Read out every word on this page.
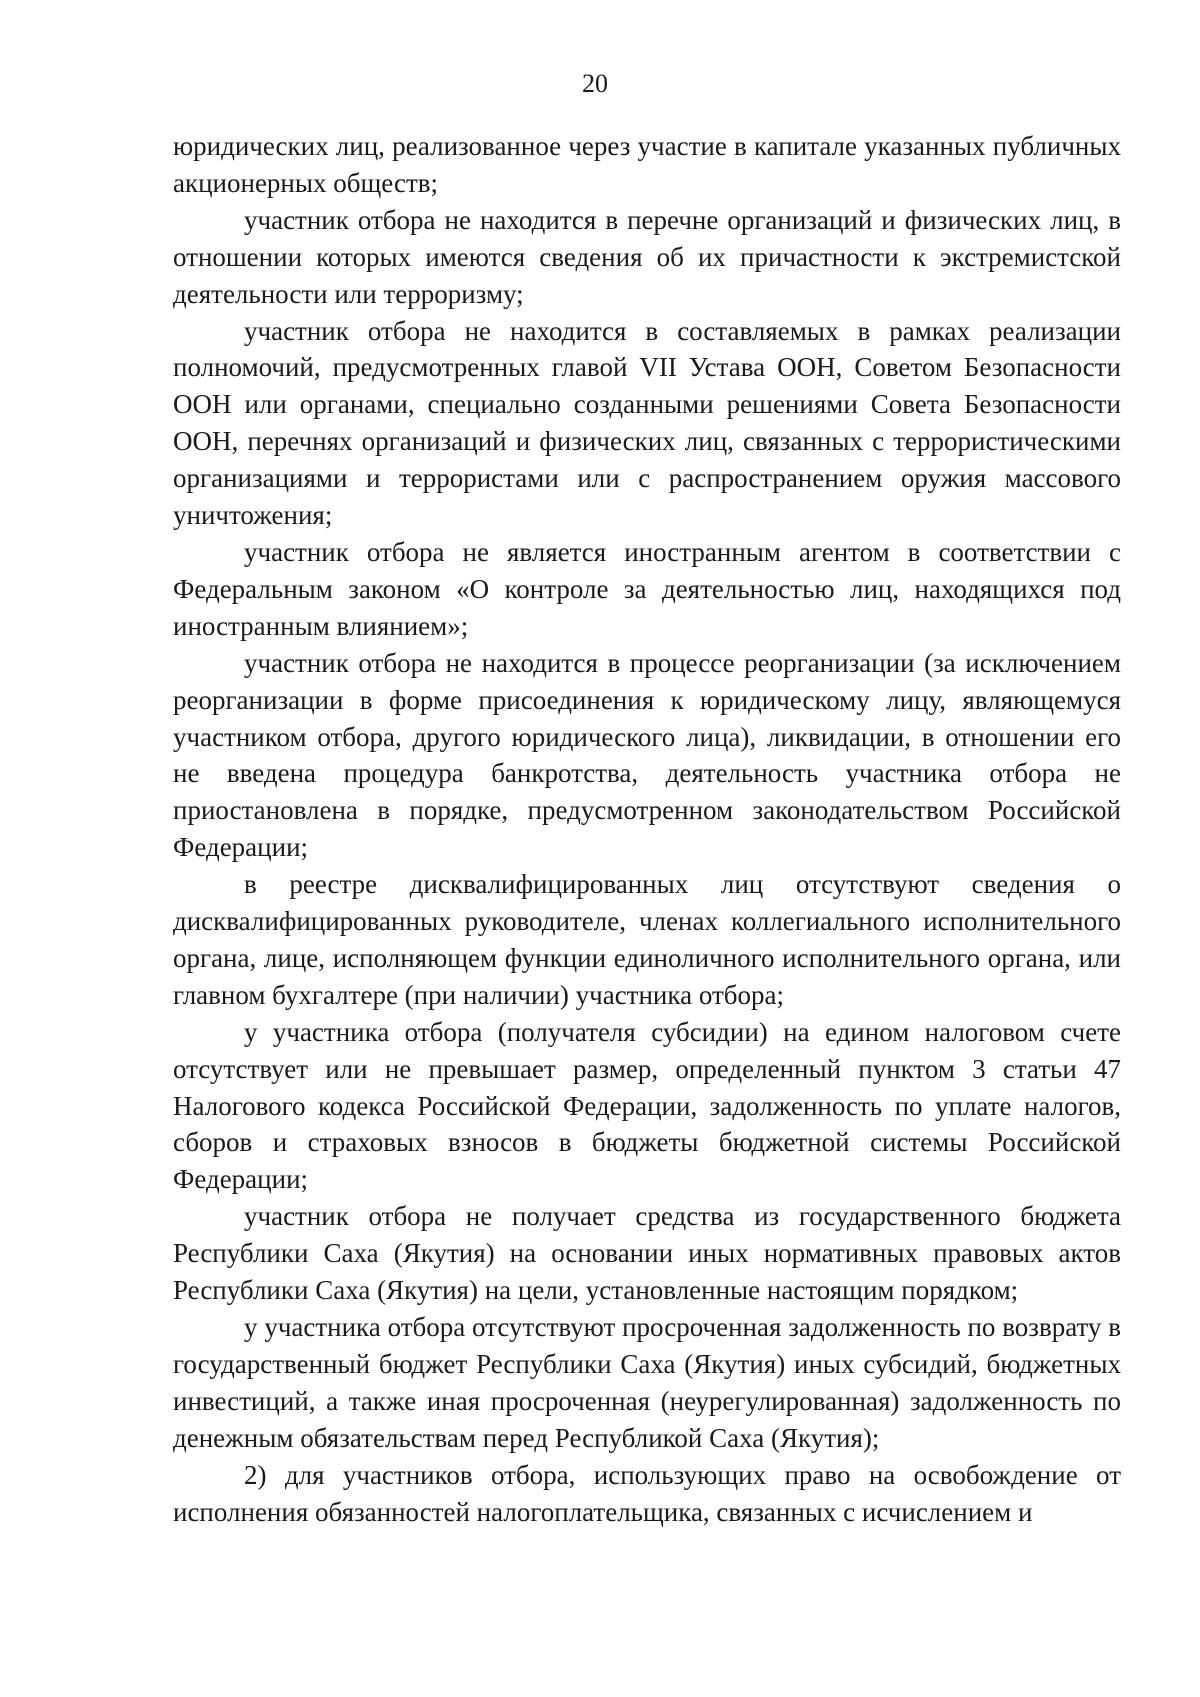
20

юридических лиц, реализованное через участие в капитале указанных публичных акционерных обществ;

участник отбора не находится в перечне организаций и физических лиц, в отношении которых имеются сведения об их причастности к экстремистской деятельности или терроризму;

участник отбора не находится в составляемых в рамках реализации полномочий, предусмотренных главой VII Устава ООН, Советом Безопасности ООН или органами, специально созданными решениями Совета Безопасности ООН, перечнях организаций и физических лиц, связанных с террористическими организациями и террористами или с распространением оружия массового уничтожения;

участник отбора не является иностранным агентом в соответствии с Федеральным законом «О контроле за деятельностью лиц, находящихся под иностранным влиянием»;

участник отбора не находится в процессе реорганизации (за исключением реорганизации в форме присоединения к юридическому лицу, являющемуся участником отбора, другого юридического лица), ликвидации, в отношении его не введена процедура банкротства, деятельность участника отбора не приостановлена в порядке, предусмотренном законодательством Российской Федерации;

в реестре дисквалифицированных лиц отсутствуют сведения о дисквалифицированных руководителе, членах коллегиального исполнительного органа, лице, исполняющем функции единоличного исполнительного органа, или главном бухгалтере (при наличии) участника отбора;

у участника отбора (получателя субсидии) на едином налоговом счете отсутствует или не превышает размер, определенный пунктом 3 статьи 47 Налогового кодекса Российской Федерации, задолженность по уплате налогов, сборов и страховых взносов в бюджеты бюджетной системы Российской Федерации;

участник отбора не получает средства из государственного бюджета Республики Саха (Якутия) на основании иных нормативных правовых актов Республики Саха (Якутия) на цели, установленные настоящим порядком;

у участника отбора отсутствуют просроченная задолженность по возврату в государственный бюджет Республики Саха (Якутия) иных субсидий, бюджетных инвестиций, а также иная просроченная (неурегулированная) задолженность по денежным обязательствам перед Республикой Саха (Якутия);

2) для участников отбора, использующих право на освобождение от исполнения обязанностей налогоплательщика, связанных с исчислением и
